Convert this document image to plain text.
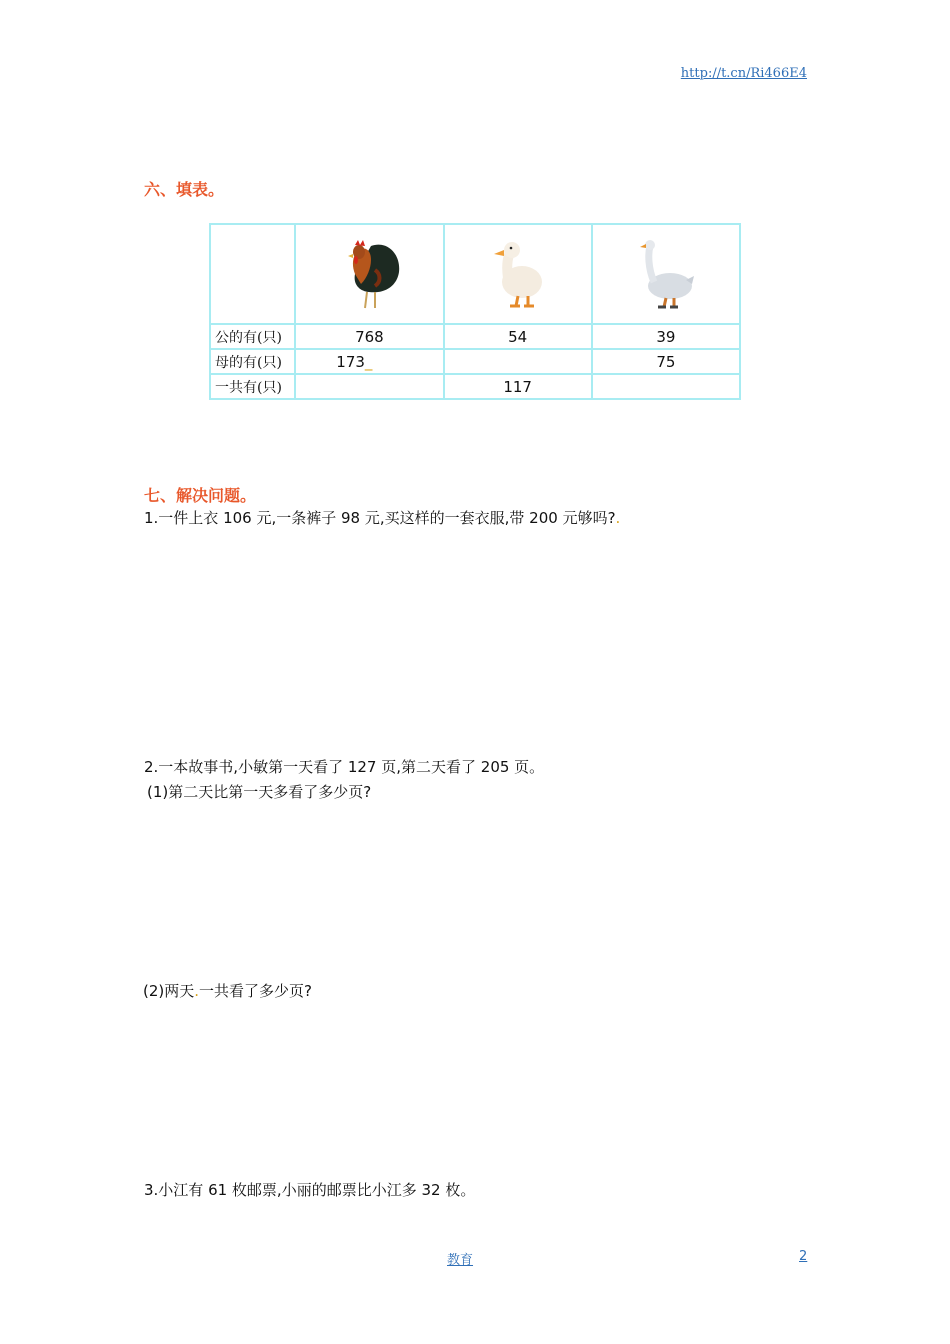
http://t.cn/Ri466E4
六、填表。

公的有(只)	768	54	39
母的有(只)	173_		75
一共有(只)		117	
七、解决问题。
1.一件上衣 106 元,一条裤子 98 元,买这样的一套衣服,带 200 元够吗?.
2.一本故事书,小敏第一天看了 127 页,第二天看了 205 页。
(1)第二天比第一天多看了多少页?
(2)两天.一共看了多少页?
3.小江有 61 枚邮票,小丽的邮票比小江多 32 枚。
教育	2
